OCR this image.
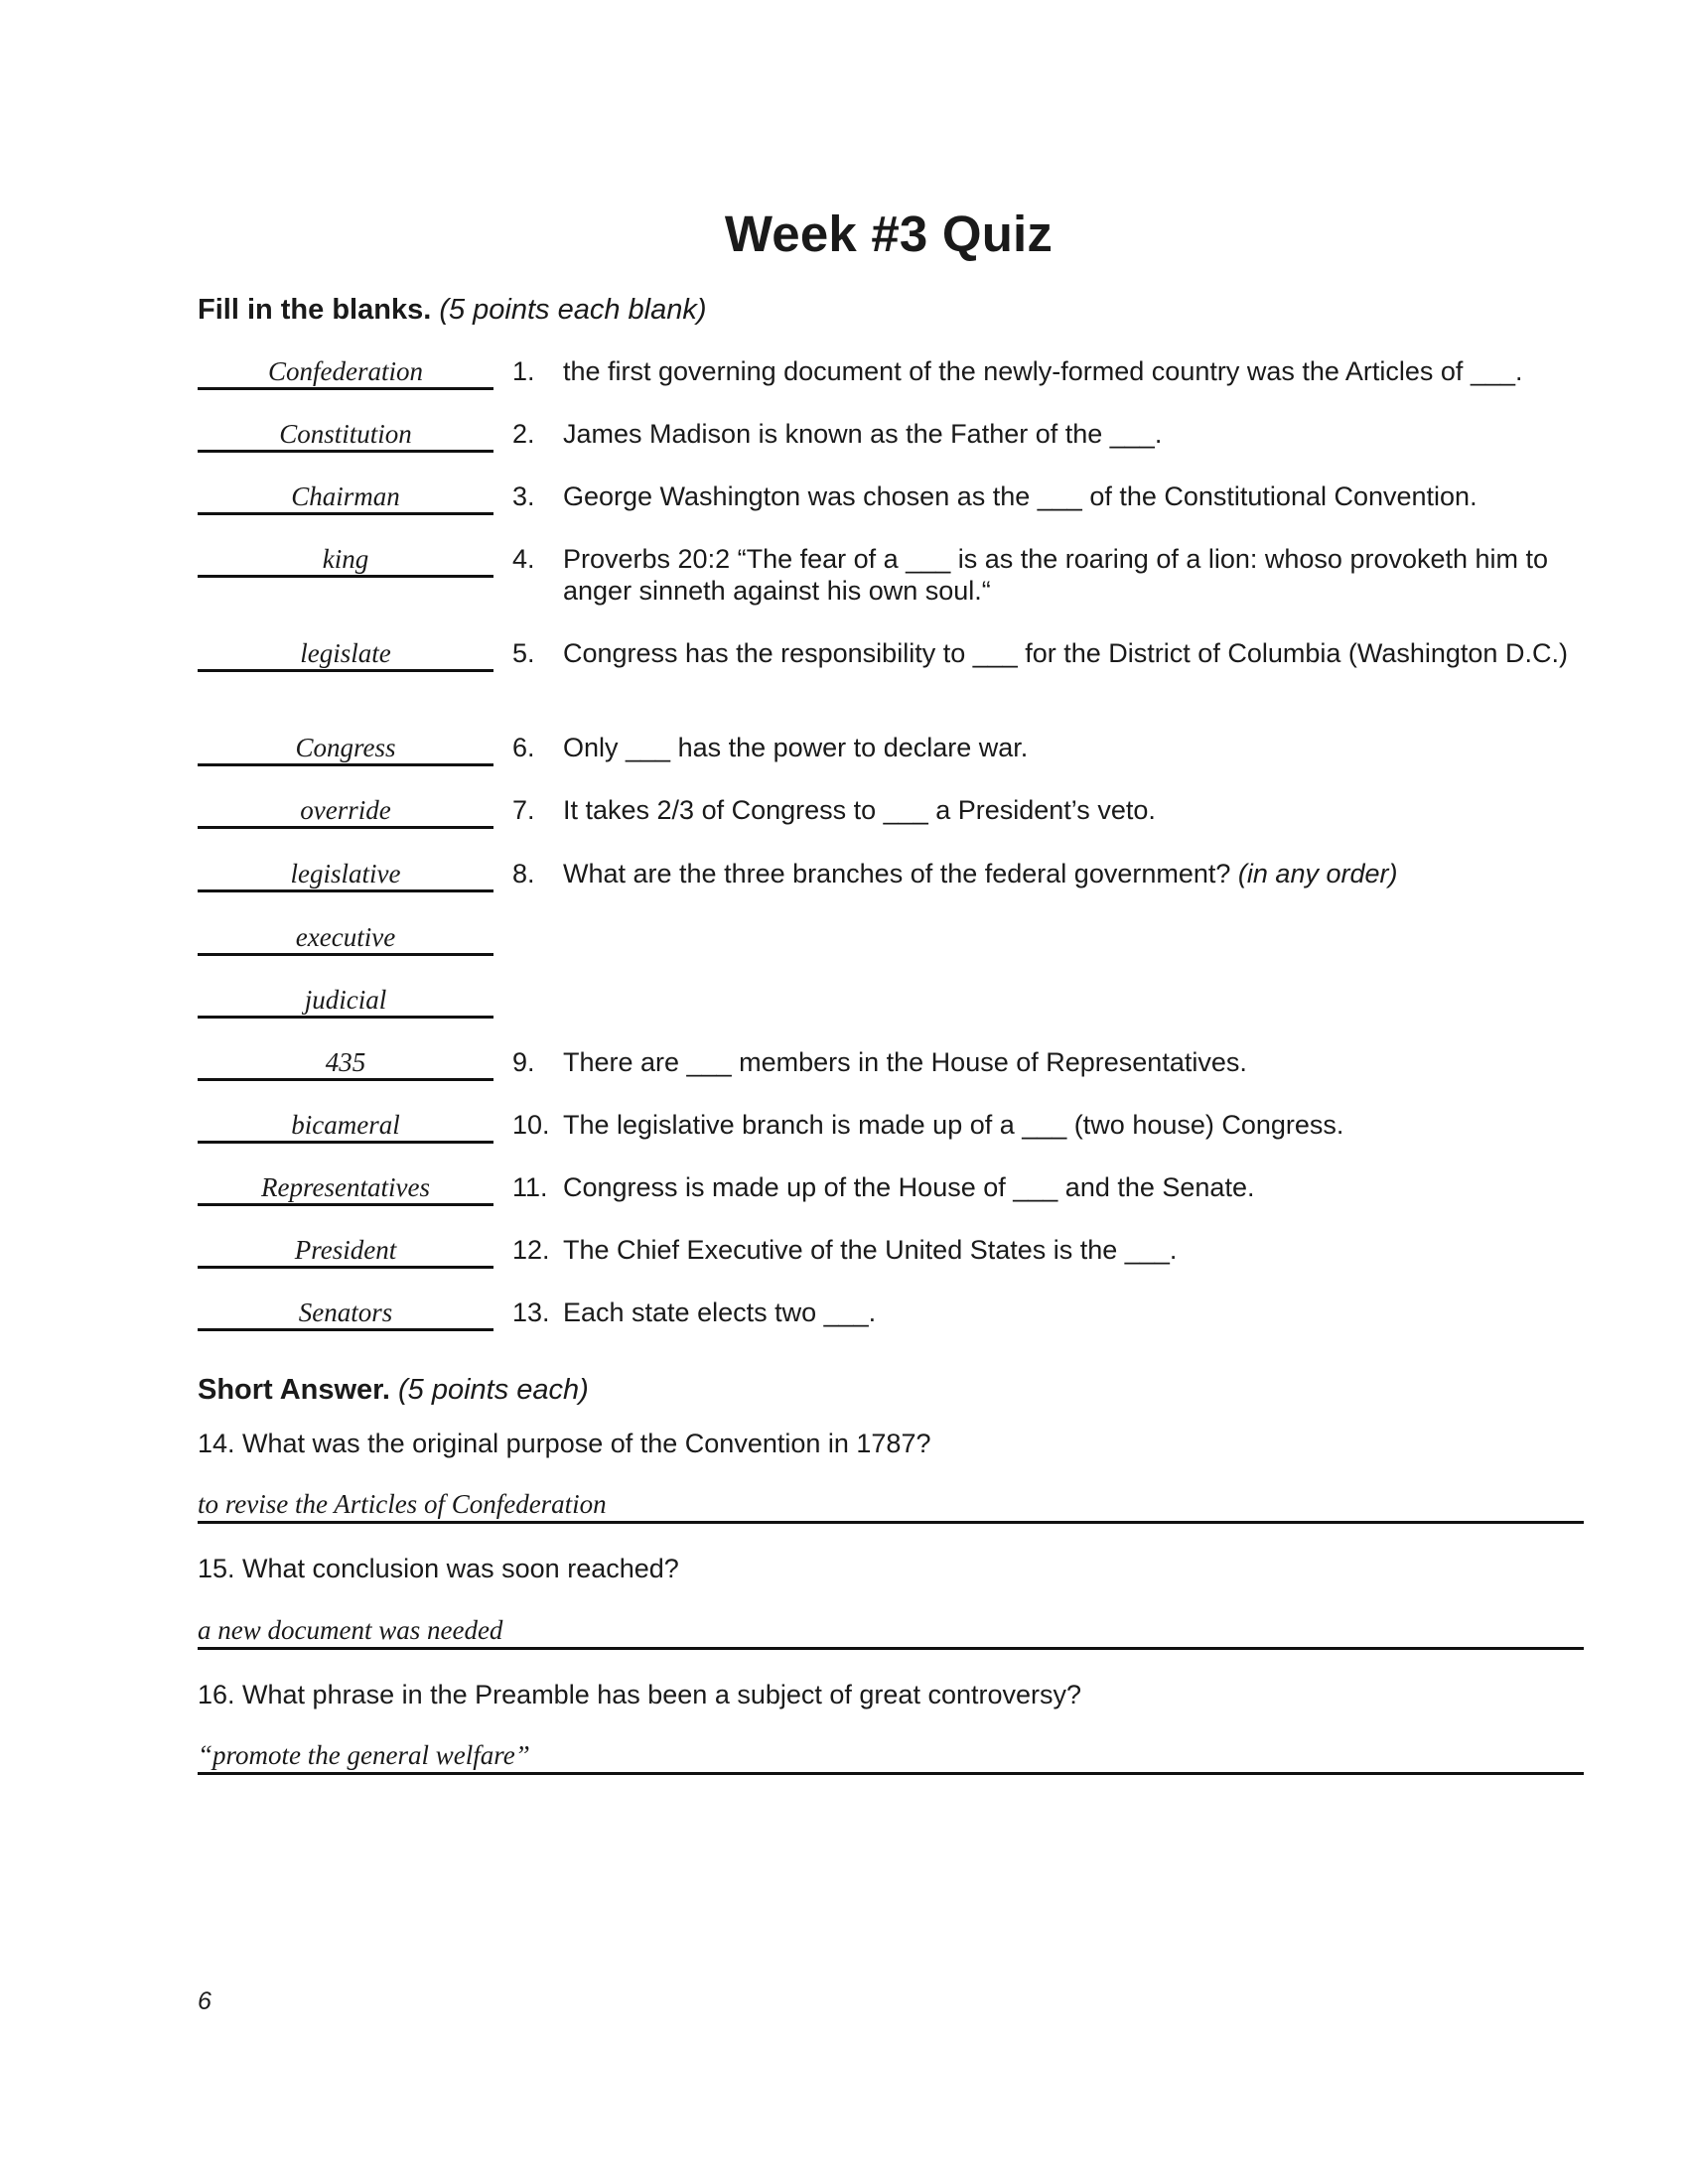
Week #3 Quiz
Fill in the blanks. (5 points each blank)
Confederation	1. the first governing document of the newly-formed country was the Articles of ___.
Constitution	2. James Madison is known as the Father of the ___.
Chairman	3. George Washington was chosen as the ___ of the Constitutional Convention.
king	4. Proverbs 20:2 “The fear of a ___ is as the roaring of a lion: whoso provoketh him to anger sinneth against his own soul.“
legislate	5. Congress has the responsibility to ___ for the District of Columbia (Washington D.C.)
Congress	6. Only ___ has the power to declare war.
override	7. It takes 2/3 of Congress to ___ a President’s veto.
legislative	8. What are the three branches of the federal government? (in any order)
executive
judicial
435	9. There are ___ members in the House of Representatives.
bicameral	10. The legislative branch is made up of a ___ (two house) Congress.
Representatives	11. Congress is made up of the House of ___ and the Senate.
President	12. The Chief Executive of the United States is the ___.
Senators	13. Each state elects two ___.
Short Answer. (5 points each)
14. What was the original purpose of the Convention in 1787?
to revise the Articles of Confederation
15. What conclusion was soon reached?
a new document was needed
16. What phrase in the Preamble has been a subject of great controversy?
“promote the general welfare”
6
